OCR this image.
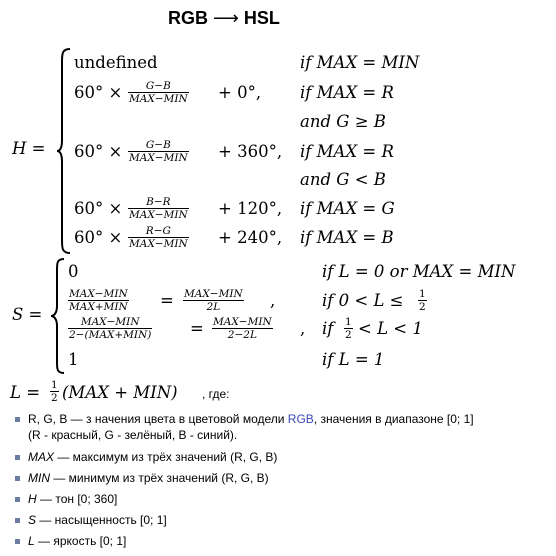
RGB ⟶ HSL
H =
undefined	if MAX = MIN
60° × G−B
MAX−MIN + 0°, if MAX = R
and G ≥ B
60° × G−B
MAX−MIN + 360°, if MAX = R
and G < B
60° × B−R
MAX−MIN + 120°, if MAX = G
60° × R−G
MAX−MIN + 240°, if MAX = B
S =
0	if L = 0 or MAX = MIN
MAX−MIN
MAX+MIN = MAX−MIN
2L	,	if 0 < L ≤ 1
2
MAX−MIN
2−(MAX+MIN) = MAX−MIN
2−2L	, if 1
2 < L < 1
1	if L = 1
L = 1
2 (MAX + MIN) , где:
R, G, B — з начения цвета в цветовой модели RGB, значения в диапазоне [0; 1]
(R - красный, G - зелёный, B - синий).
MAX — максимум из трёх значений (R, G, B)
MIN — минимум из трёх значений (R, G, B)
H — тон [0; 360]
S — насыщенность [0; 1]
L — яркость [0; 1]
